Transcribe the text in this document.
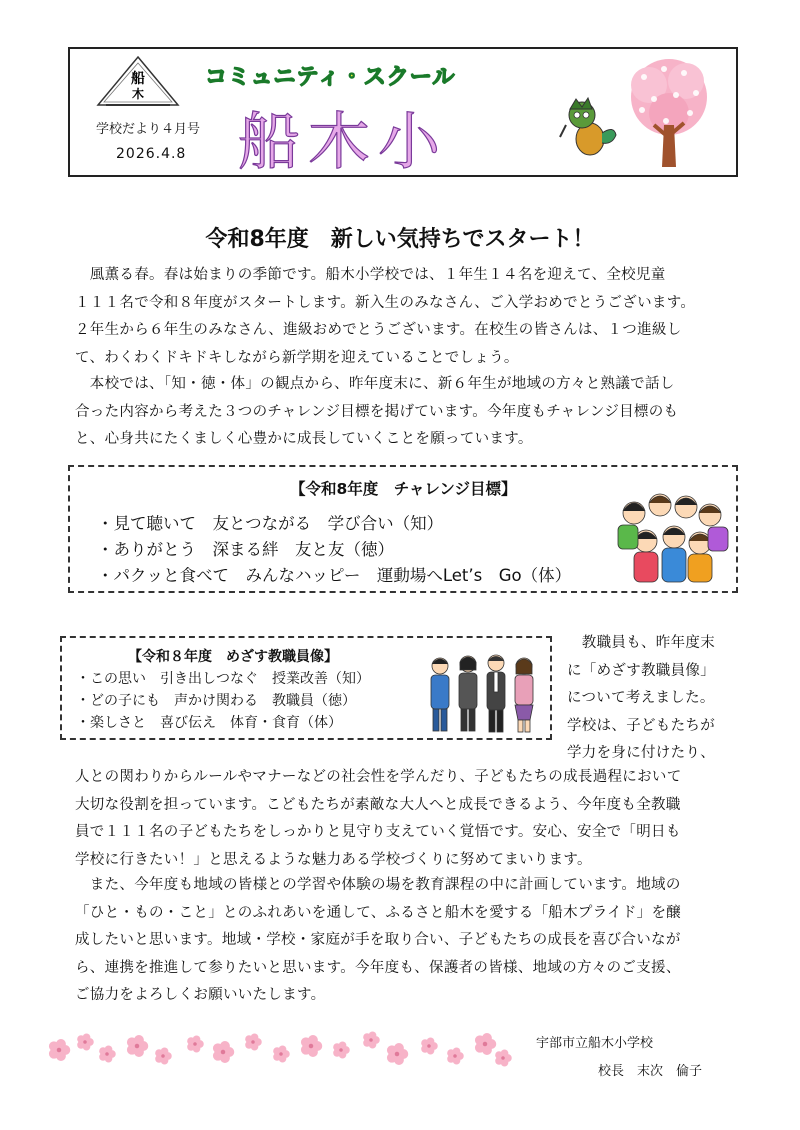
船
木
学校だより４月号
2026.4.8
コミュニティ・スクール
船木小
令和8年度　新しい気持ちでスタート！
　風薫る春。春は始まりの季節です。船木小学校では、１年生１４名を迎えて、全校児童
１１１名で令和８年度がスタートします。新入生のみなさん、ご入学おめでとうございます。
２年生から６年生のみなさん、進級おめでとうございます。在校生の皆さんは、１つ進級し
て、わくわくドキドキしながら新学期を迎えていることでしょう。
　本校では、「知・徳・体」の観点から、昨年度末に、新６年生が地域の方々と熟議で話し
合った内容から考えた３つのチャレンジ目標を掲げています。今年度もチャレンジ目標のも
と、心身共にたくましく心豊かに成長していくことを願っています。
【令和8年度　チャレンジ目標】
・見て聴いて　友とつながる　学び合い（知）
・ありがとう　深まる絆　友と友（徳）
・パクッと食べて　みんなハッピー　運動場へLet’s　Go（体）
【令和８年度　めざす教職員像】
・この思い　引き出しつなぐ　授業改善（知）
・どの子にも　声かけ関わる　教職員（徳）
・楽しさと　喜び伝え　体育・食育（体）
　教職員も、昨年度末
に「めざす教職員像」
について考えました。
学校は、子どもたちが
学力を身に付けたり、
人との関わりからルールやマナーなどの社会性を学んだり、子どもたちの成長過程において
大切な役割を担っています。こどもたちが素敵な大人へと成長できるよう、今年度も全教職
員で１１１名の子どもたちをしっかりと見守り支えていく覚悟です。安心、安全で「明日も
学校に行きたい！」と思えるような魅力ある学校づくりに努めてまいります。
　また、今年度も地域の皆様との学習や体験の場を教育課程の中に計画しています。地域の
「ひと・もの・こと」とのふれあいを通して、ふるさと船木を愛する「船木プライド」を醸
成したいと思います。地域・学校・家庭が手を取り合い、子どもたちの成長を喜び合いなが
ら、連携を推進して参りたいと思います。今年度も、保護者の皆様、地域の方々のご支援、
ご協力をよろしくお願いいたします。
宇部市立船木小学校
校長　末次　倫子
